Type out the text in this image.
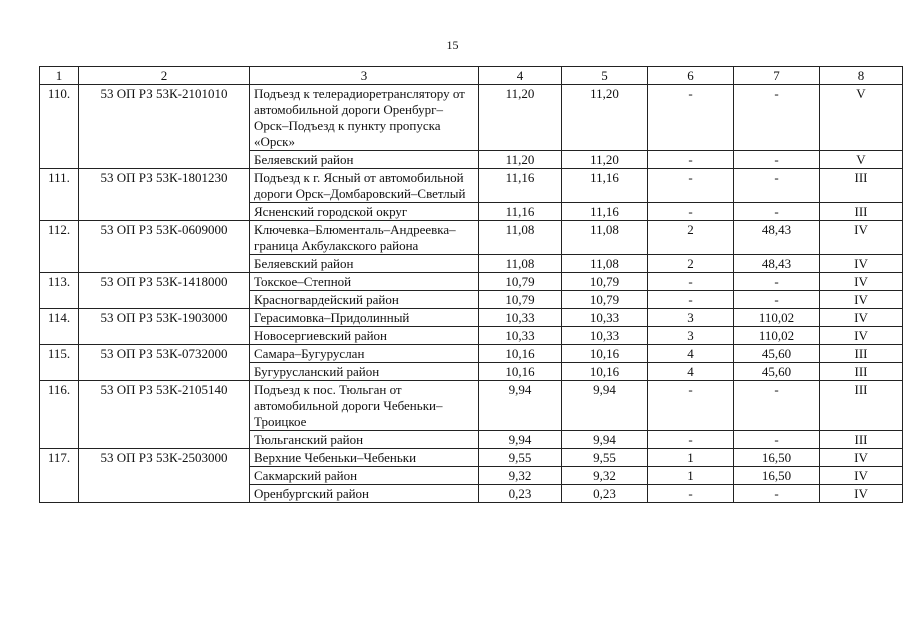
15
1	2	3	4	5	6	7	8
110.	53 ОП РЗ 53К-2101010	Подъезд к телерадиоретранслятору от автомобильной дороги Оренбург–Орск–Подъезд к пункту пропуска «Орск»	11,20	11,20	-	-	V
		Беляевский район	11,20	11,20	-	-	V
111.	53 ОП РЗ 53К-1801230	Подъезд к г. Ясный от автомобильной дороги Орск–Домбаровский–Светлый	11,16	11,16	-	-	III
		Ясненский городской округ	11,16	11,16	-	-	III
112.	53 ОП РЗ 53К-0609000	Ключевка–Блюменталь–Андреевка–граница Акбулакского района	11,08	11,08	2	48,43	IV
		Беляевский район	11,08	11,08	2	48,43	IV
113.	53 ОП РЗ 53К-1418000	Токское–Степной	10,79	10,79	-	-	IV
		Красногвардейский район	10,79	10,79	-	-	IV
114.	53 ОП РЗ 53К-1903000	Герасимовка–Придолинный	10,33	10,33	3	110,02	IV
		Новосергиевский район	10,33	10,33	3	110,02	IV
115.	53 ОП РЗ 53К-0732000	Самара–Бугуруслан	10,16	10,16	4	45,60	III
		Бугурусланский район	10,16	10,16	4	45,60	III
116.	53 ОП РЗ 53К-2105140	Подъезд к пос. Тюльган от автомобильной дороги Чебеньки–Троицкое	9,94	9,94	-	-	III
		Тюльганский район	9,94	9,94	-	-	III
117.	53 ОП РЗ 53К-2503000	Верхние Чебеньки–Чебеньки	9,55	9,55	1	16,50	IV
		Сакмарский район	9,32	9,32	1	16,50	IV
		Оренбургский район	0,23	0,23	-	-	IV
